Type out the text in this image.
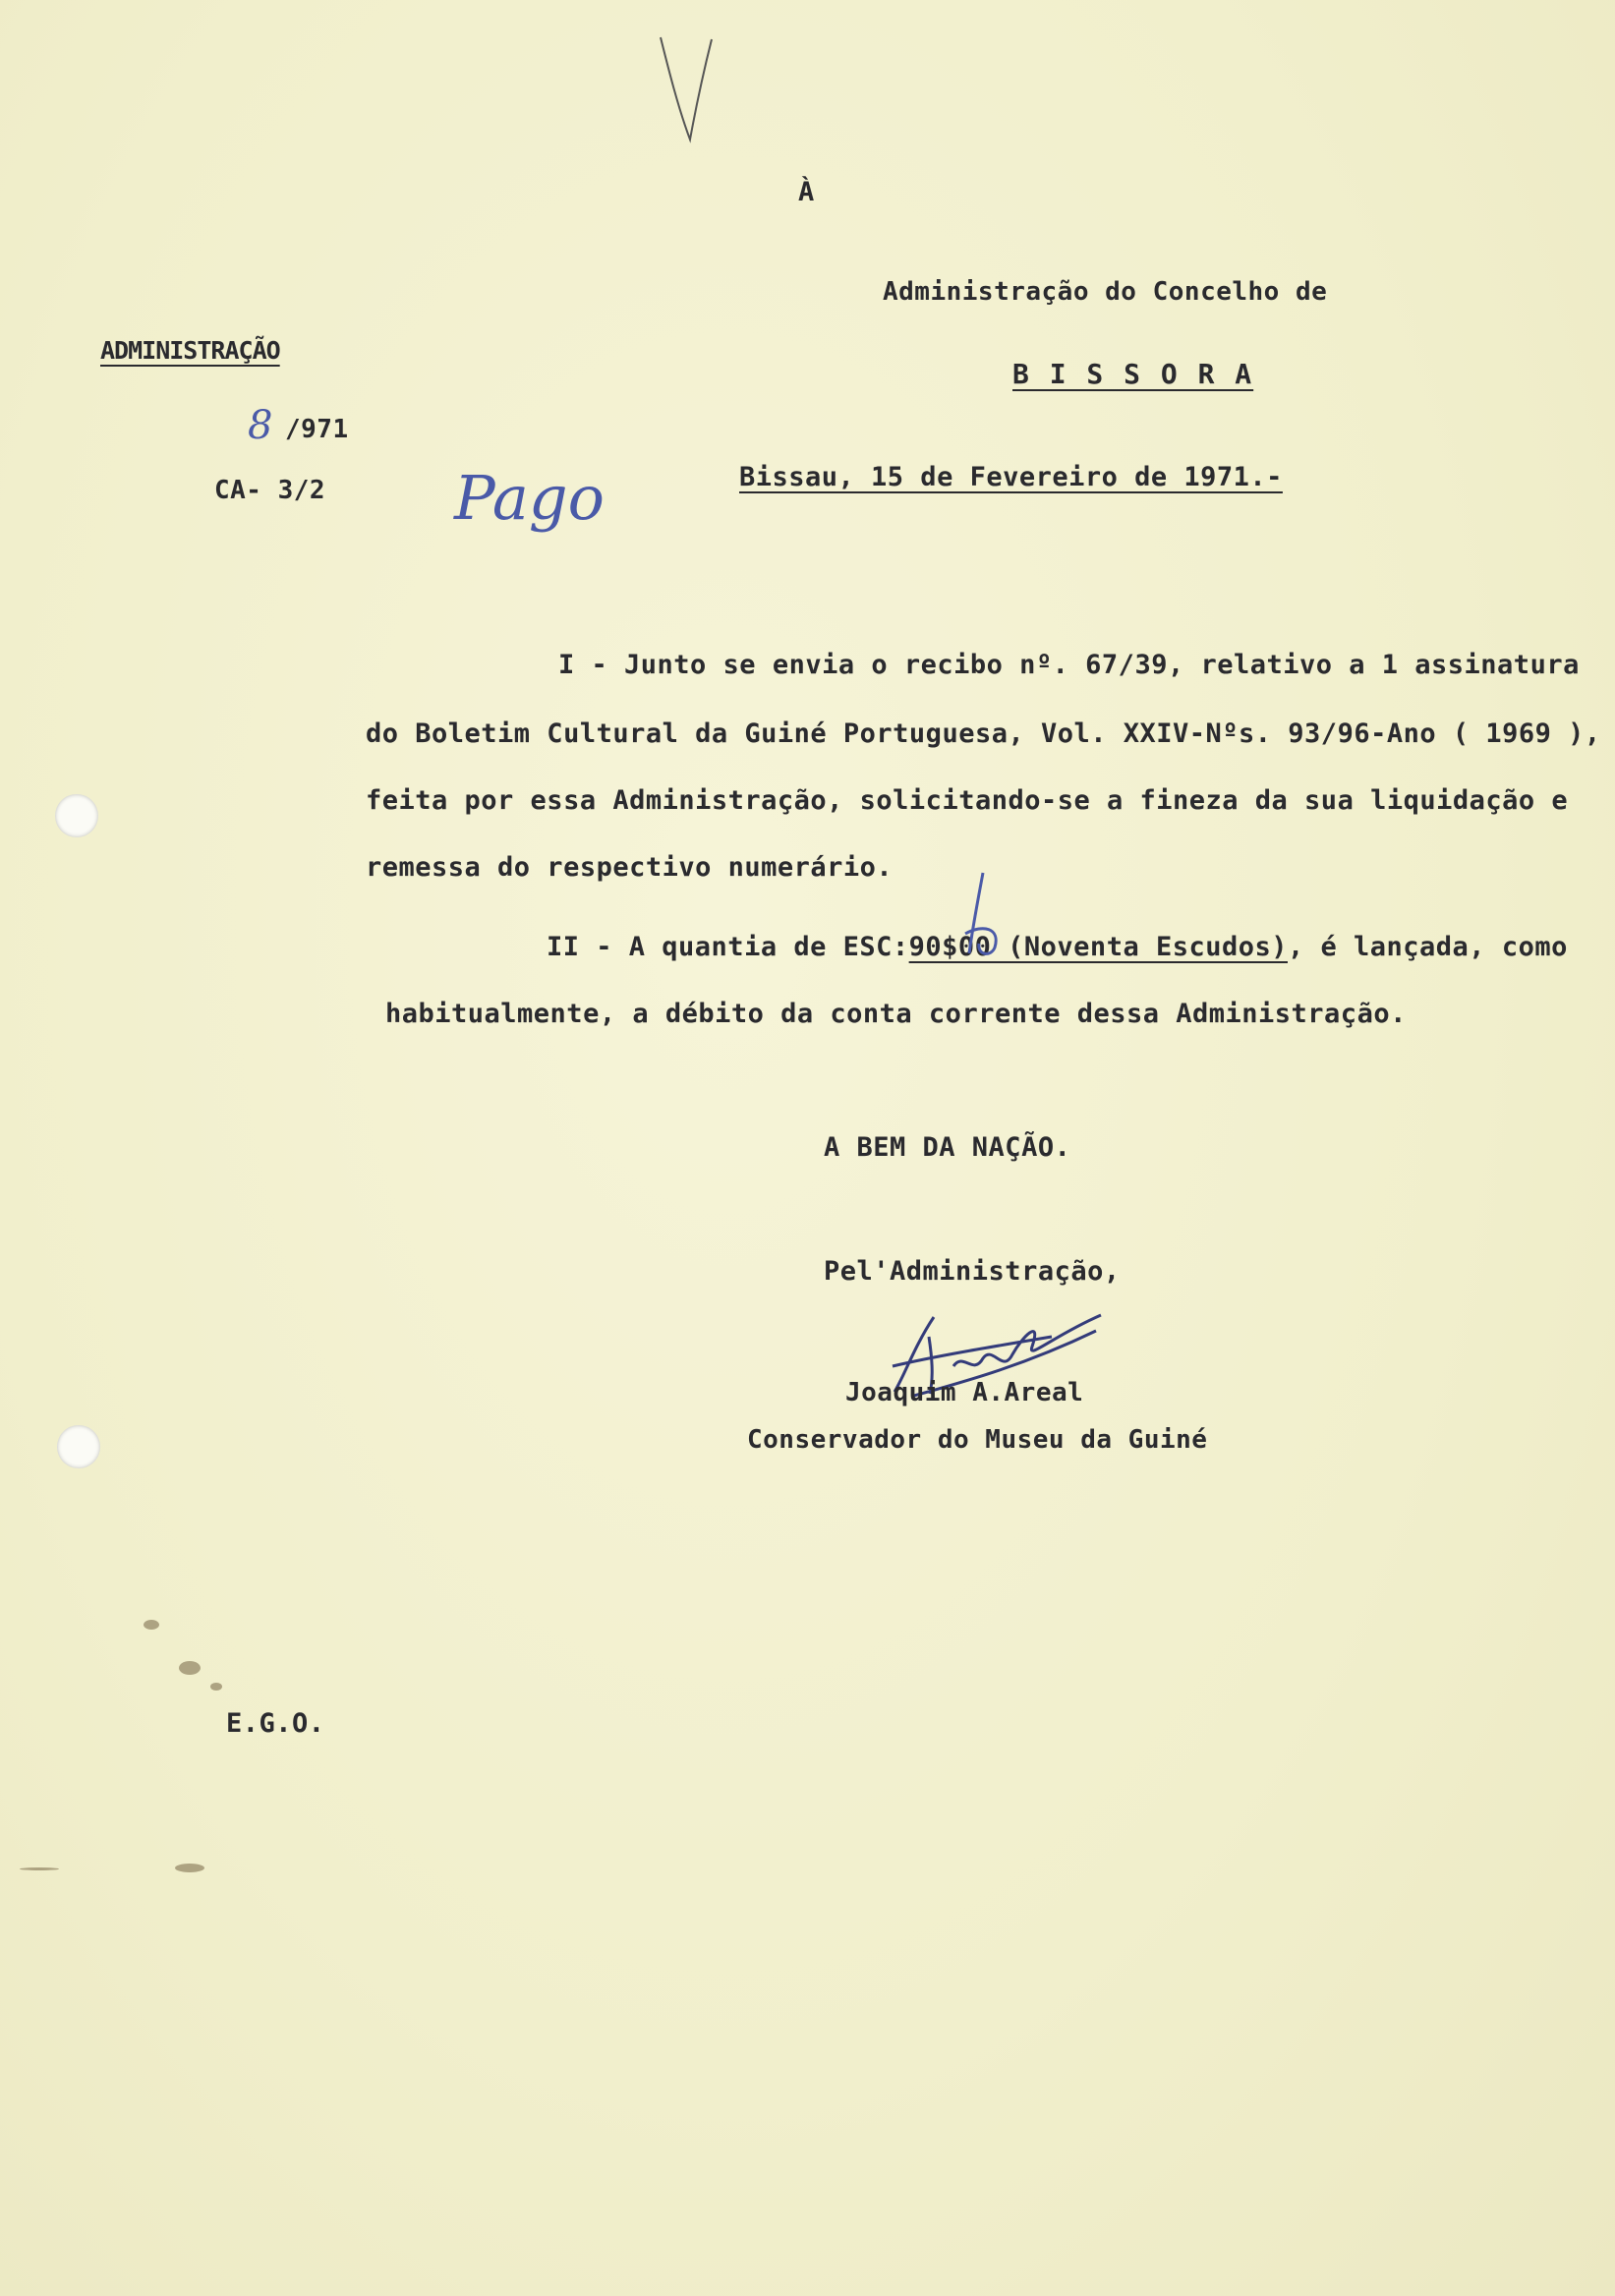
À
Administração do Concelho de
B I S S O R A
ADMINISTRAÇÃO
8 /971
CA- 3/2 Pago	Bissau, 15 de Fevereiro de 1971.-
I - Junto se envia o recibo nº. 67/39, relativo a 1 assinatura
do Boletim Cultural da Guiné Portuguesa, Vol. XXIV-Nºs. 93/96-Ano ( 1969 ),
feita por essa Administração, solicitando-se a fineza da sua liquidação e
remessa do respectivo numerário.
II - A quantia de ESC:90$00 (Noventa Escudos), é lançada, como
habitualmente, a débito da conta corrente dessa Administração.
A BEM DA NAÇÃO.
Pel'Administração,
Joaquim A.Areal
Conservador do Museu da Guiné
E.G.O.
